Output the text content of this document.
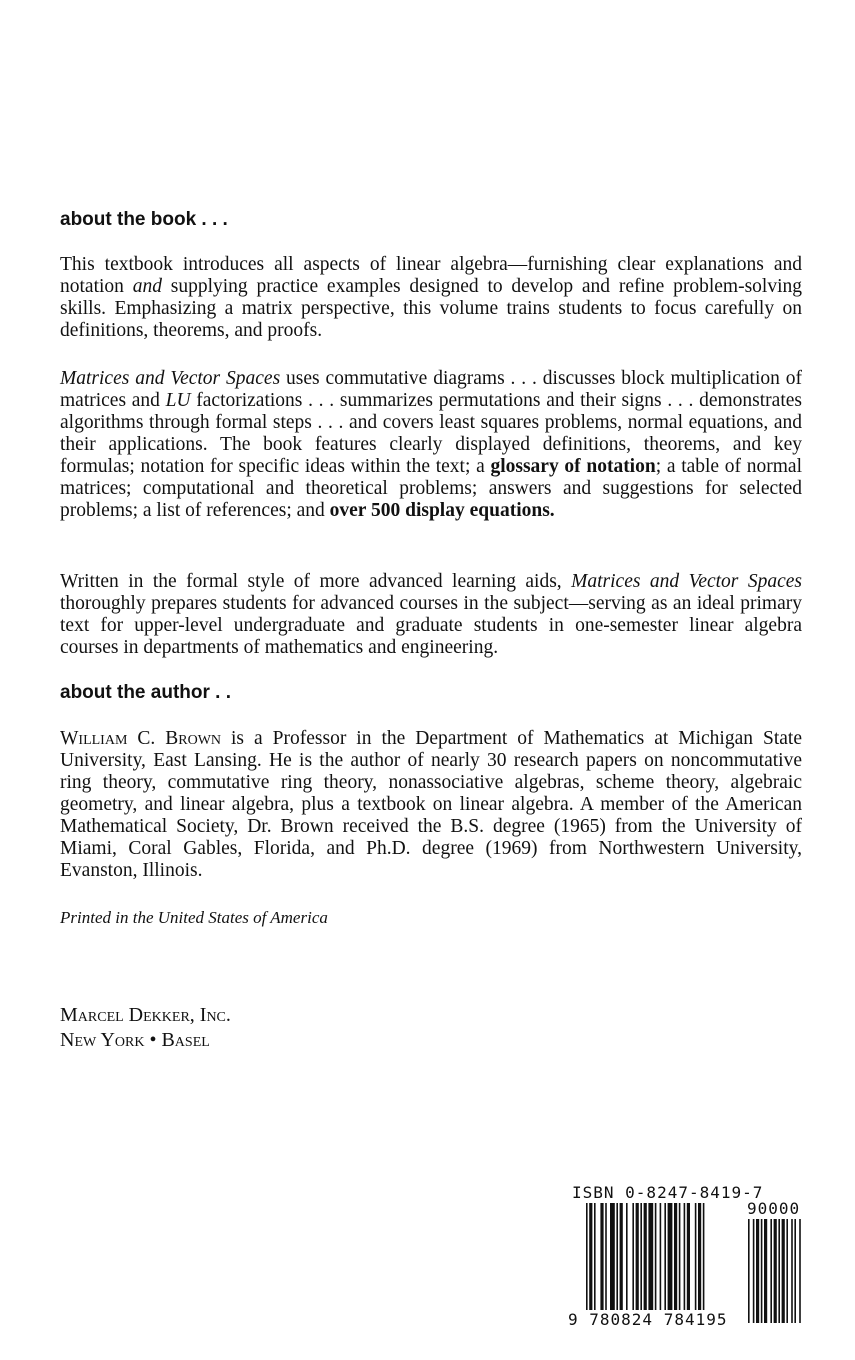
about the book . . .

This textbook introduces all aspects of linear algebra—furnishing clear explanations and notation and supplying practice examples designed to develop and refine problem-solving skills. Emphasizing a matrix perspective, this volume trains students to focus carefully on definitions, theorems, and proofs.

Matrices and Vector Spaces uses commutative diagrams . . . discusses block multiplication of matrices and LU factorizations . . . summarizes permutations and their signs . . . demonstrates algorithms through formal steps . . . and covers least squares problems, normal equations, and their applications. The book features clearly displayed definitions, theorems, and key formulas; notation for specific ideas within the text; a glossary of notation; a table of normal matrices; computational and theoretical problems; answers and suggestions for selected problems; a list of references; and over 500 display equations.

Written in the formal style of more advanced learning aids, Matrices and Vector Spaces thoroughly prepares students for advanced courses in the subject—serving as an ideal primary text for upper-level undergraduate and graduate students in one-semester linear algebra courses in departments of mathematics and engineering.

about the author . .

William C. Brown is a Professor in the Department of Mathematics at Michigan State University, East Lansing. He is the author of nearly 30 research papers on noncommutative ring theory, commutative ring theory, nonassociative algebras, scheme theory, algebraic geometry, and linear algebra, plus a textbook on linear algebra. A member of the American Mathematical Society, Dr. Brown received the B.S. degree (1965) from the University of Miami, Coral Gables, Florida, and Ph.D. degree (1969) from Northwestern University, Evanston, Illinois.

Printed in the United States of America

Marcel Dekker, Inc.
New York • Basel
ISBN 0-8247-8419-7
90000
9 780824 784195
